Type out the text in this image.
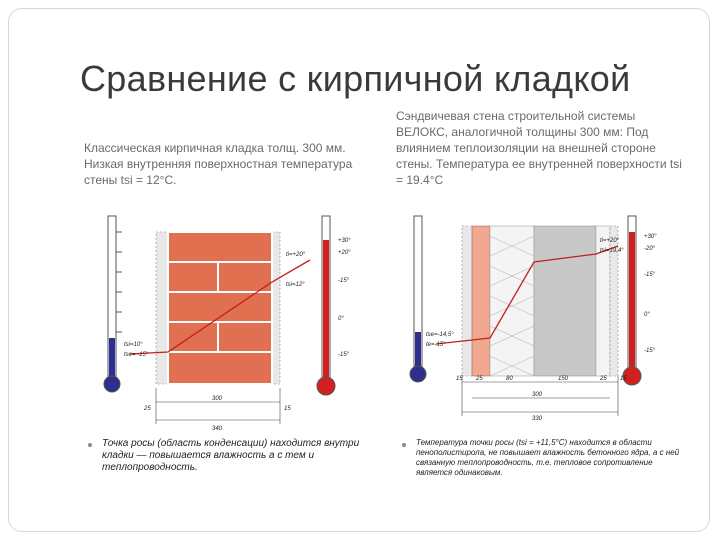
Сравнение с кирпичной кладкой
Классическая кирпичная кладка толщ. 300 мм. Низкая внутренняя поверхностная температура стены tsi = 12°C.
Сэндвичевая стена строительной системы ВЕЛОКС, аналогичной толщины 300 мм: Под влиянием теплоизоляции на внешней стороне стены. Температура ее внутренней поверхности tsi = 19.4°C
ti=+20°
tsi=12°
tsi=10°
tse= -15°
+30°
+20°
-15°
0°
-15°
300
340
25	15
ti=+20°
tsi=19,4°
tse=-14,5°
te=-15°
+30°
-20°
-15°
0°
-15°
15 25	80	150	25 15
300
330
Точка росы (область конденсации) находится внутри кладки — повышается влажность а с тем и теплопроводность.
Температура точки росы (tsi = +11,5°C) находится в области пенополистирола, не повышает влажность бетонного ядра, а с ней связанную теплопроводность, т.е. тепловое сопротивление является одинаковым.
